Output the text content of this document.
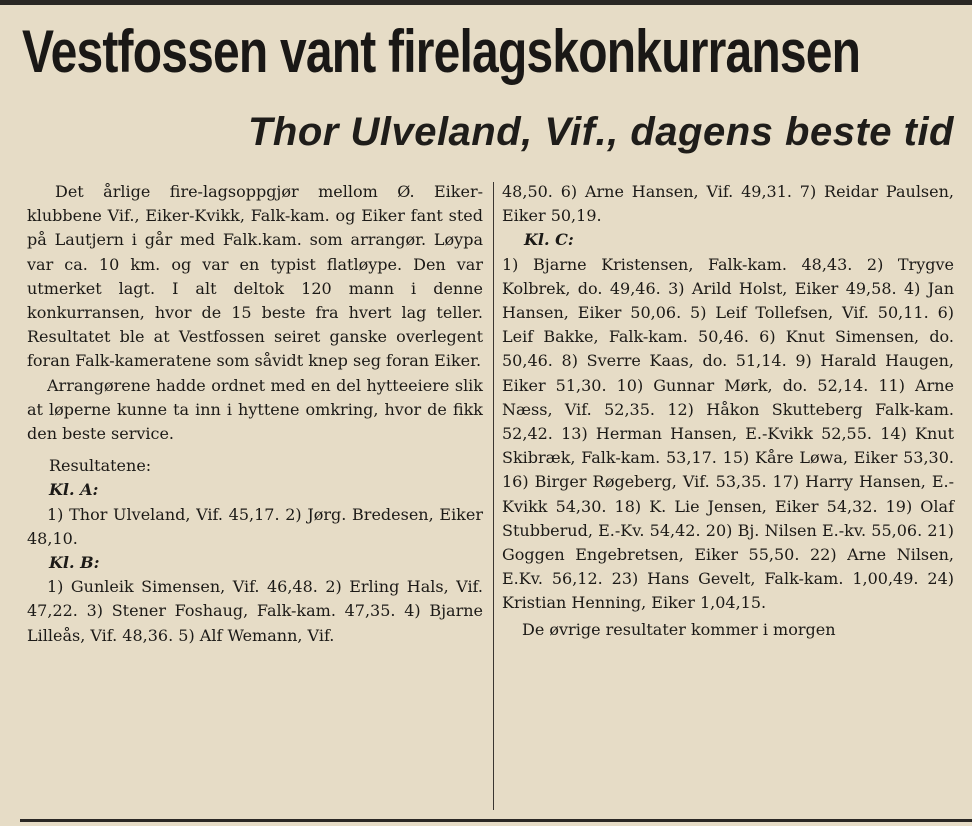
Vestfossen vant firelagskonkurransen
Thor Ulveland, Vif., dagens beste tid

Det årlige fire-lagsoppgjør mellom Ø. Eiker-klubbene Vif., Eiker-Kvikk, Falk-kam. og Eiker fant sted på Lautjern i går med Falk.kam. som arrangør. Løypa var ca. 10 km. og var en typist flatløype. Den var utmerket lagt. I alt deltok 120 mann i denne konkurransen, hvor de 15 beste fra hvert lag teller. Resultatet ble at Vestfossen seiret ganske overlegent foran Falk-kameratene som såvidt knep seg foran Eiker.

Arrangørene hadde ordnet med en del hytteeiere slik at løperne kunne ta inn i hyttene omkring, hvor de fikk den beste service.

Resultatene:

Kl. A:

1) Thor Ulveland, Vif. 45,17. 2) Jørg. Bredesen, Eiker 48,10.

Kl. B:

1) Gunleik Simensen, Vif. 46,48. 2) Erling Hals, Vif. 47,22. 3) Stener Foshaug, Falk-kam. 47,35. 4) Bjarne Lilleås, Vif. 48,36. 5) Alf Wemann, Vif.

48,50. 6) Arne Hansen, Vif. 49,31. 7) Reidar Paulsen, Eiker 50,19.

Kl. C:

1) Bjarne Kristensen, Falk-kam. 48,43. 2) Trygve Kolbrek, do. 49,46. 3) Arild Holst, Eiker 49,58. 4) Jan Hansen, Eiker 50,06. 5) Leif Tollefsen, Vif. 50,11. 6) Leif Bakke, Falk-kam. 50,46. 6) Knut Simensen, do. 50,46. 8) Sverre Kaas, do. 51,14. 9) Harald Haugen, Eiker 51,30. 10) Gunnar Mørk, do. 52,14. 11) Arne Næss, Vif. 52,35. 12) Håkon Skutteberg Falk-kam. 52,42. 13) Herman Hansen, E.-Kvikk 52,55. 14) Knut Skibræk, Falk-kam. 53,17. 15) Kåre Løwa, Eiker 53,30. 16) Birger Røgeberg, Vif. 53,35. 17) Harry Hansen, E.-Kvikk 54,30. 18) K. Lie Jensen, Eiker 54,32. 19) Olaf Stubberud, E.-Kv. 54,42. 20) Bj. Nilsen E.-kv. 55,06. 21) Goggen Engebretsen, Eiker 55,50. 22) Arne Nilsen, E.Kv. 56,12. 23) Hans Gevelt, Falk-kam. 1,00,49. 24) Kristian Henning, Eiker 1,04,15.

De øvrige resultater kommer i morgen
